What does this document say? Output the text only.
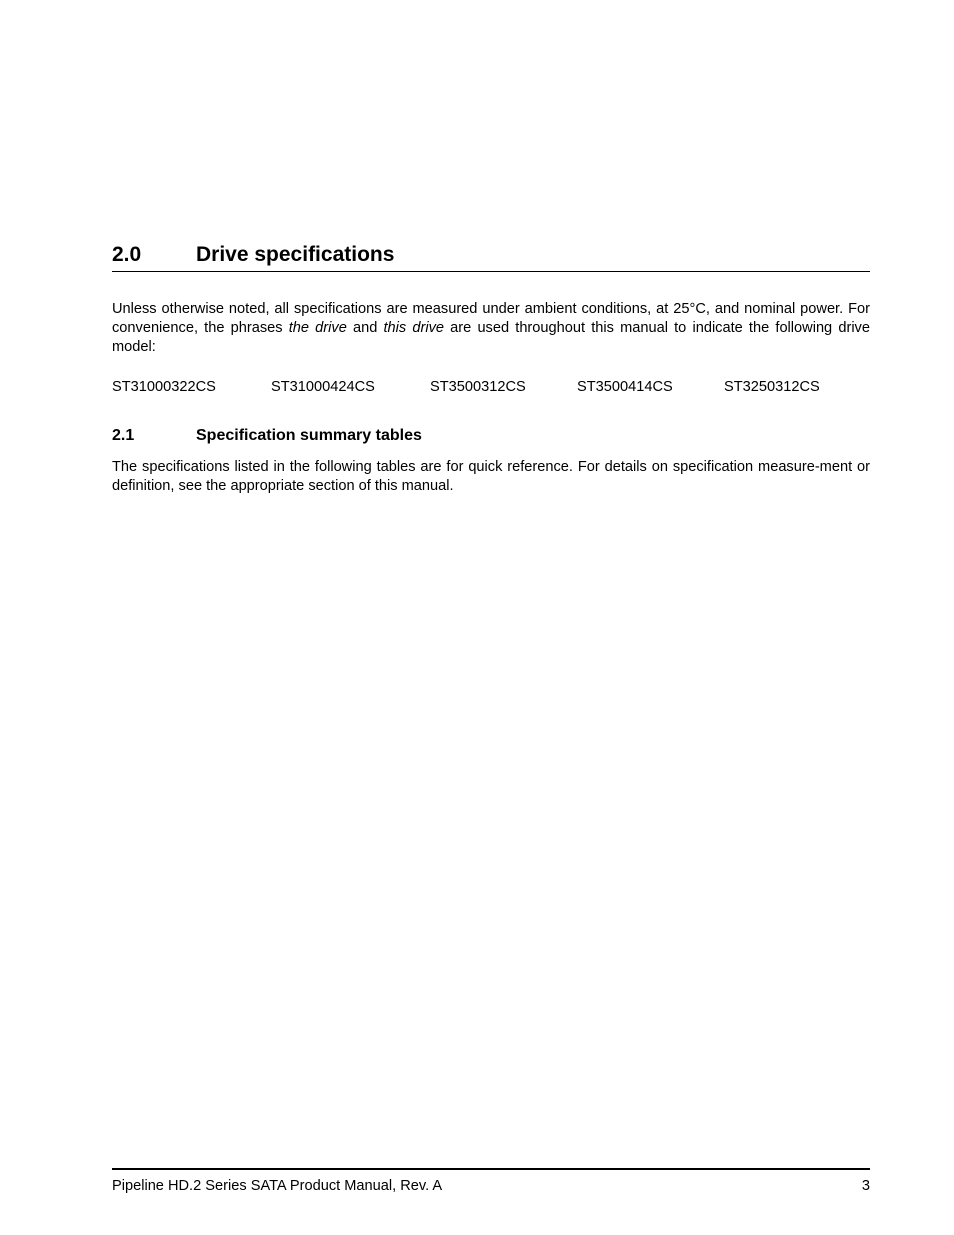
2.0	Drive specifications

Unless otherwise noted, all specifications are measured under ambient conditions, at 25°C, and nominal power. For convenience, the phrases the drive and this drive are used throughout this manual to indicate the following drive model:

ST31000322CS	ST31000424CS	ST3500312CS	ST3500414CS	ST3250312CS
2.1	Specification summary tables

The specifications listed in the following tables are for quick reference. For details on specification measure-ment or definition, see the appropriate section of this manual.

Pipeline HD.2 Series SATA Product Manual, Rev. A	3
